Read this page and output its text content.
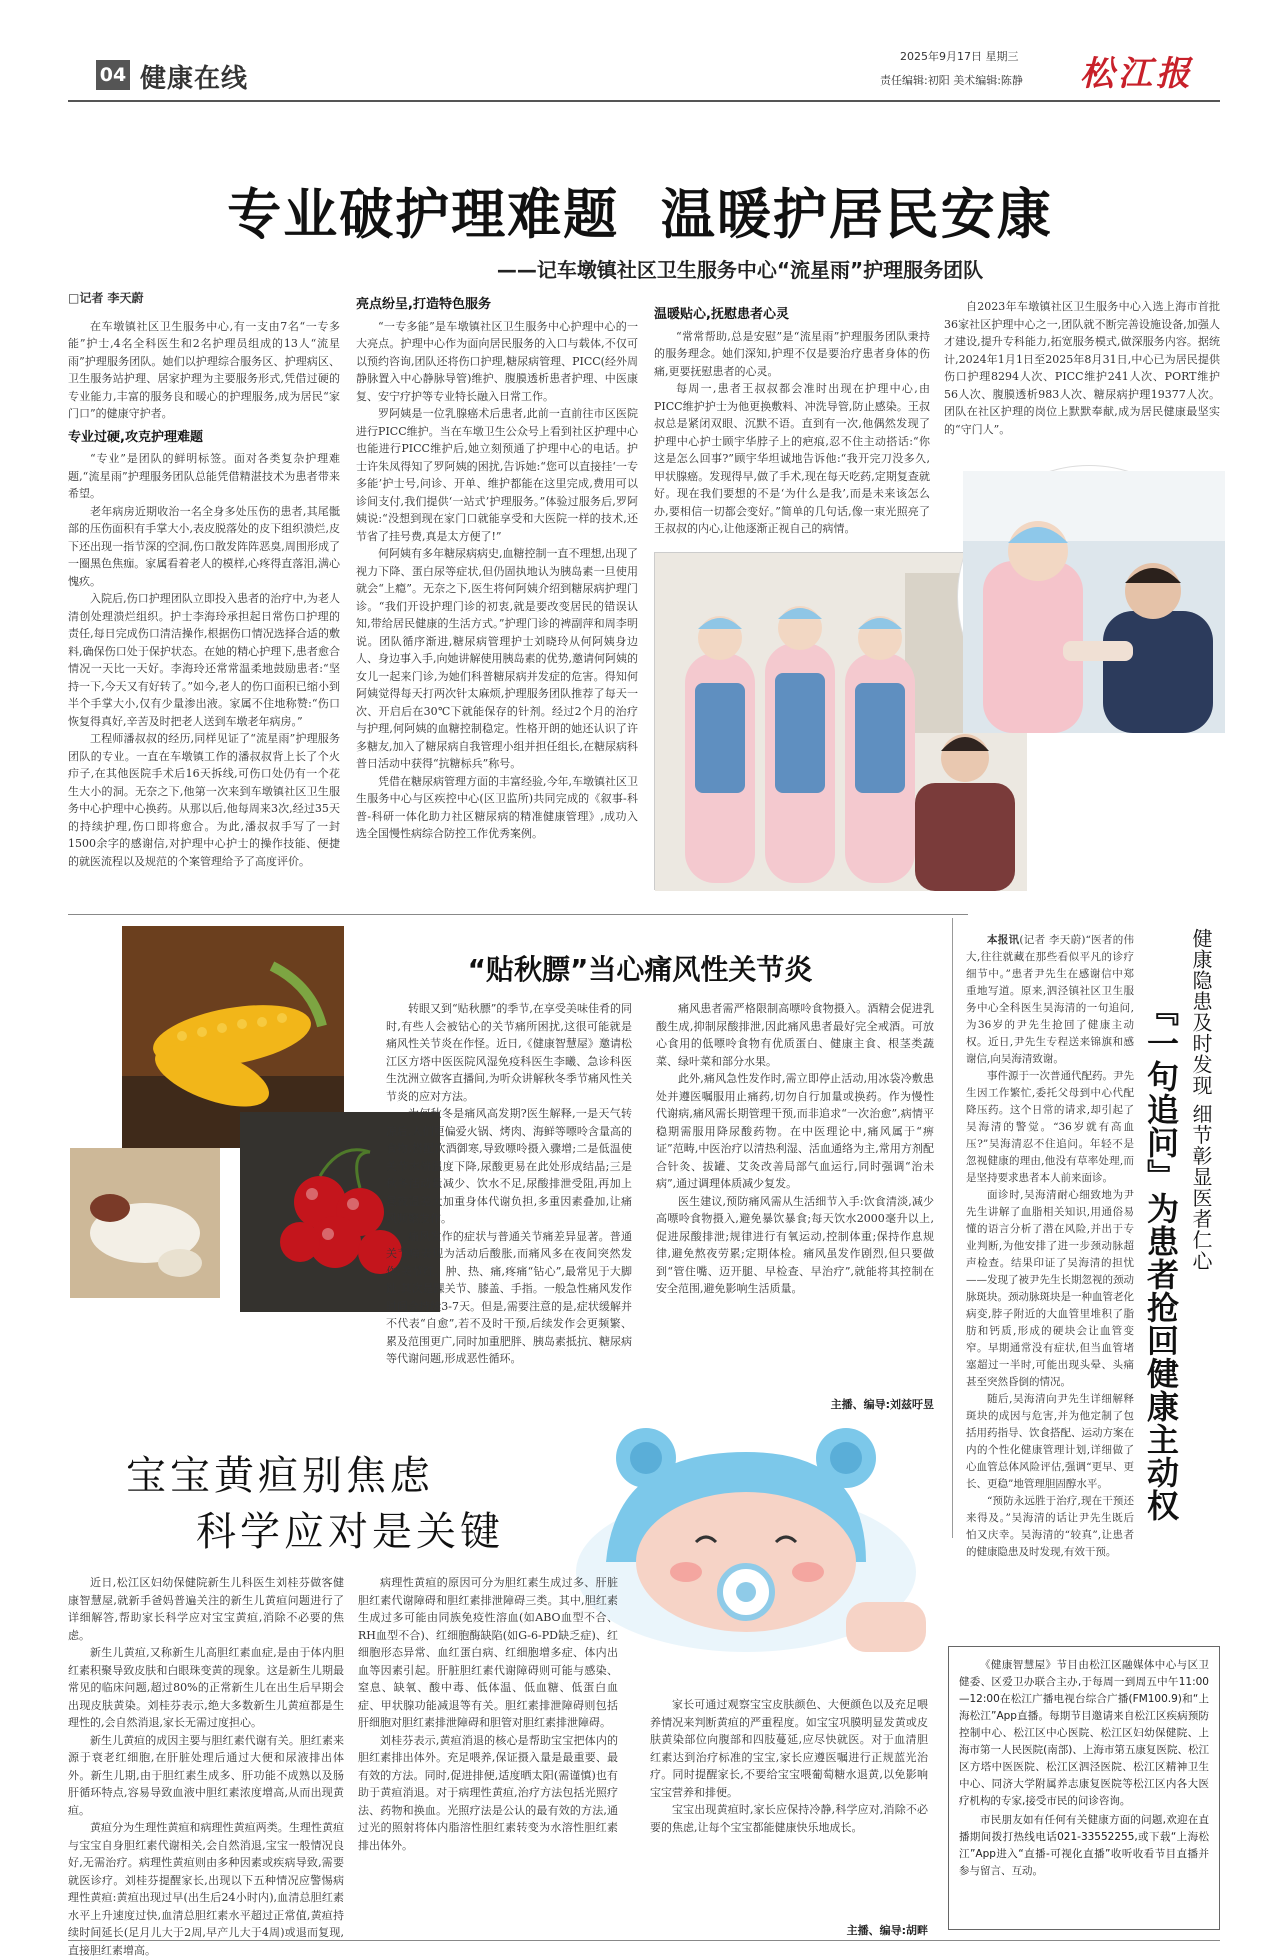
04 健康在线
2025年9月17日 星期三
责任编辑:初阳 美术编辑:陈静 松江报
专业破护理难题  温暖护居民安康
——记车墩镇社区卫生服务中心“流星雨”护理服务团队
□记者 李天蔚

在车墩镇社区卫生服务中心,有一支由7名“一专多能”护士,4名全科医生和2名护理员组成的13人“流星雨”护理服务团队。她们以护理综合服务区、护理病区、卫生服务站护理、居家护理为主要服务形式,凭借过硬的专业能力,丰富的服务良和暖心的护理服务,成为居民“家门口”的健康守护者。

专业过硬,攻克护理难题

“专业”是团队的鲜明标签。面对各类复杂护理难题,“流星雨”护理服务团队总能凭借精湛技术为患者带来希望。

老年病房近期收治一名全身多处压伤的患者,其尾骶部的压伤面积有手掌大小,表皮脱落处的皮下组织溃烂,皮下还出现一指节深的空洞,伤口散发阵阵恶臭,周围形成了一圈黑色焦痂。家属看着老人的模样,心疼得直落泪,满心愧疚。

入院后,伤口护理团队立即投入患者的治疗中,为老人清创处理溃烂组织。护士李海玲承担起日常伤口护理的责任,每日完成伤口清洁操作,根据伤口情况选择合适的敷料,确保伤口处于保护状态。在她的精心护理下,患者愈合情况一天比一天好。李海玲还常常温柔地鼓励患者:“坚持一下,今天又有好转了。”如今,老人的伤口面积已缩小到半个手掌大小,仅有少量渗出液。家属不住地称赞:“伤口恢复得真好,辛苦及时把老人送到车墩老年病房。”

工程师潘叔叔的经历,同样见证了“流星雨”护理服务团队的专业。一直在车墩镇工作的潘叔叔背上长了个火疖子,在其他医院手术后16天拆线,可伤口处仍有一个花生大小的洞。无奈之下,他第一次来到车墩镇社区卫生服务中心护理中心换药。从那以后,他每周来3次,经过35天的持续护理,伤口即将愈合。为此,潘叔叔手写了一封1500余字的感谢信,对护理中心护士的操作技能、便捷的就医流程以及规范的个案管理给予了高度评价。

亮点纷呈,打造特色服务

“一专多能”是车墩镇社区卫生服务中心护理中心的一大亮点。护理中心作为面向居民服务的入口与载体,不仅可以预约咨询,团队还将伤口护理,糖尿病管理、PICC(经外周静脉置入中心静脉导管)维护、腹膜透析患者护理、中医康复、安宁疗护等专业特长融入日常工作。

罗阿姨是一位乳腺癌术后患者,此前一直前往市区医院进行PICC维护。当在车墩卫生公众号上看到社区护理中心也能进行PICC维护后,她立刻预通了护理中心的电话。护士许朱凤得知了罗阿姨的困扰,告诉她:“您可以直接挂‘一专多能’护士号,问诊、开单、维护都能在这里完成,费用可以诊间支付,我们提供‘一站式’护理服务。”体验过服务后,罗阿姨说:“没想到现在家门口就能享受和大医院一样的技术,还节省了挂号费,真是太方便了!”

何阿姨有多年糖尿病病史,血糖控制一直不理想,出现了视力下降、蛋白尿等症状,但仍固执地认为胰岛素一旦使用就会“上瘾”。无奈之下,医生将何阿姨介绍到糖尿病护理门诊。“我们开设护理门诊的初衷,就是要改变居民的错误认知,带给居民健康的生活方式。”护理门诊的裨副萍和周李明说。团队循序渐进,糖尿病管理护士刘晓玲从何阿姨身边人、身边事入手,向她讲解使用胰岛素的优势,邀请何阿姨的女儿一起来门诊,为她们科普糖尿病并发症的危害。得知何阿姨觉得每天打两次针太麻烦,护理服务团队推荐了每天一次、开启后在30℃下就能保存的针剂。经过2个月的治疗与护理,何阿姨的血糖控制稳定。性格开朗的她还认识了许多糖友,加入了糖尿病自我管理小组并担任组长,在糖尿病科普日活动中获得“抗糖标兵”称号。

凭借在糖尿病管理方面的丰富经验,今年,车墩镇社区卫生服务中心与区疾控中心(区卫监所)共同完成的《叙事-科普-科研一体化助力社区糖尿病的精准健康管理》,成功入选全国慢性病综合防控工作优秀案例。

温暖贴心,抚慰患者心灵

“常常帮助,总是安慰”是“流星雨”护理服务团队秉持的服务理念。她们深知,护理不仅是要治疗患者身体的伤痛,更要抚慰患者的心灵。

每周一,患者王叔叔都会准时出现在护理中心,由PICC维护护士为他更换敷料、冲洗导管,防止感染。王叔叔总是紧闭双眼、沉默不语。直到有一次,他偶然发现了护理中心护士顾宇华脖子上的疤痕,忍不住主动搭话:“你这是怎么回事?”顾宇华坦诚地告诉他:“我开完刀没多久,甲状腺癌。发现得早,做了手术,现在每天吃药,定期复查就好。现在我们要想的不是‘为什么是我’,而是未来该怎么办,要相信一切都会变好。”简单的几句话,像一束光照亮了王叔叔的内心,让他逐渐正视自己的病情。

自2023年车墩镇社区卫生服务中心入选上海市首批36家社区护理中心之一,团队就不断完善设施设备,加强人才建设,提升专科能力,拓宽服务模式,做深服务内容。据统计,2024年1月1日至2025年8月31日,中心已为居民提供伤口护理8294人次、PICC维护241人次、PORT维护56人次、腹膜透析983人次、糖尿病护理19377人次。团队在社区护理的岗位上默默奉献,成为居民健康最坚实的“守门人”。

“贴秋膘”当心痛风性关节炎

转眼又到“贴秋膘”的季节,在享受美味佳肴的同时,有些人会被钻心的关节痛所困扰,这很可能就是痛风性关节炎在作怪。近日,《健康智慧屋》邀请松江区方塔中医医院风湿免疫科医生李曦、急诊科医生沈洲立做客直播间,为听众讲解秋冬季节痛风性关节炎的应对方法。

为何秋冬是痛风高发期?医生解释,一是天气转凉后,人们更偏爱火锅、烤肉、海鲜等嘌呤含量高的食物,搭配饮酒御寒,导致嘌呤摄入骤增;二是低温使关节末端温度下降,尿酸更易在此处形成结晶;三是秋冬活动量减少、饮水不足,尿酸排泄受阻,再加上昼夜温差大加重身体代谢负担,多重因素叠加,让痛风频繁发作。

痛风发作的症状与普通关节痛差异显著。普通关节痛表现为活动后酸胀,而痛风多在夜间突然发作,关节红、肿、热、痛,疼痛“钻心”,最常见于大脚趾,其次是踝关节、膝盖、手指。一般急性痛风发作时间会持续3-7天。但是,需要注意的是,症状缓解并不代表“自愈”,若不及时干预,后续发作会更频繁、累及范围更广,同时加重肥胖、胰岛素抵抗、糖尿病等代谢问题,形成恶性循环。

痛风患者需严格限制高嘌呤食物摄入。酒精会促进乳酸生成,抑制尿酸排泄,因此痛风患者最好完全戒酒。可放心食用的低嘌呤食物有优质蛋白、健康主食、根茎类蔬菜、绿叶菜和部分水果。

此外,痛风急性发作时,需立即停止活动,用冰袋冷敷患处并遵医嘱服用止痛药,切勿自行加量或换药。作为慢性代谢病,痛风需长期管理干预,而非追求“一次治愈”,病情平稳期需服用降尿酸药物。在中医理论中,痛风属于“痹证”范畴,中医治疗以清热利湿、活血通络为主,常用方剂配合针灸、拔罐、艾灸改善局部气血运行,同时强调“治未病”,通过调理体质减少复发。

医生建议,预防痛风需从生活细节入手:饮食清淡,减少高嘌呤食物摄入,避免暴饮暴食;每天饮水2000毫升以上,促进尿酸排泄;规律进行有氧运动,控制体重;保持作息规律,避免熬夜劳累;定期体检。痛风虽发作剧烈,但只要做到“管住嘴、迈开腿、早检查、早治疗”,就能将其控制在安全范围,避免影响生活质量。

主播、编导:刘兹吁昱

本报讯(记者 李天蔚)“医者的伟大,往往就藏在那些看似平凡的诊疗细节中。”患者尹先生在感谢信中郑重地写道。原来,泗泾镇社区卫生服务中心全科医生吴海清的一句追问,为36岁的尹先生抢回了健康主动权。近日,尹先生专程送来锦旗和感谢信,向吴海清致谢。

事件源于一次普通代配药。尹先生因工作繁忙,委托父母到中心代配降压药。这个日常的请求,却引起了吴海清的警觉。“36岁就有高血压?”吴海清忍不住追问。年轻不是忽视健康的理由,他没有草率处理,而是坚持要求患者本人前来面诊。

面诊时,吴海清耐心细致地为尹先生讲解了血脂相关知识,用通俗易懂的语言分析了潜在风险,并出于专业判断,为他安排了进一步颈动脉超声检查。结果印证了吴海清的担忧——发现了被尹先生长期忽视的颈动脉斑块。颈动脉斑块是一种血管老化病变,脖子附近的大血管里堆积了脂肪和钙质,形成的硬块会让血管变窄。早期通常没有症状,但当血管堵塞超过一半时,可能出现头晕、头痛甚至突然昏倒的情况。

随后,吴海清向尹先生详细解释斑块的成因与危害,并为他定制了包括用药指导、饮食搭配、运动方案在内的个性化健康管理计划,详细做了心血管总体风险评估,强调“更早、更长、更稳”地管理胆固醇水平。

“预防永远胜于治疗,现在干预还来得及。”吴海清的话让尹先生既后怕又庆幸。吴海清的“较真”,让患者的健康隐患及时发现,有效干预。

健康隐患及时发现 细节彰显医者仁心
『一句追问』为患者抢回健康主动权
宝宝黄疸别焦虑
科学应对是关键

近日,松江区妇幼保健院新生儿科医生刘桂芬做客健康智慧屋,就新手爸妈普遍关注的新生儿黄疸问题进行了详细解答,帮助家长科学应对宝宝黄疸,消除不必要的焦虑。

新生儿黄疸,又称新生儿高胆红素血症,是由于体内胆红素积聚导致皮肤和白眼珠变黄的现象。这是新生儿期最常见的临床问题,超过80%的正常新生儿在出生后早期会出现皮肤黄染。刘桂芬表示,绝大多数新生儿黄疸都是生理性的,会自然消退,家长无需过度担心。

新生儿黄疸的成因主要与胆红素代谢有关。胆红素来源于衰老红细胞,在肝脏处理后通过大便和尿液排出体外。新生儿期,由于胆红素生成多、肝功能不成熟以及肠肝循环特点,容易导致血液中胆红素浓度增高,从而出现黄疸。

黄疸分为生理性黄疸和病理性黄疸两类。生理性黄疸与宝宝自身胆红素代谢相关,会自然消退,宝宝一般情况良好,无需治疗。病理性黄疸则由多种因素或疾病导致,需要就医诊疗。刘桂芬提醒家长,出现以下五种情况应警惕病理性黄疸:黄疸出现过早(出生后24小时内),血清总胆红素水平上升速度过快,血清总胆红素水平超过正常值,黄疸持续时间延长(足月儿大于2周,早产儿大于4周)或退而复现,直接胆红素增高。

病理性黄疸的原因可分为胆红素生成过多、肝脏胆红素代谢障碍和胆红素排泄障碍三类。其中,胆红素生成过多可能由同族免疫性溶血(如ABO血型不合、RH血型不合)、红细胞酶缺陷(如G-6-PD缺乏症)、红细胞形态异常、血红蛋白病、红细胞增多症、体内出血等因素引起。肝脏胆红素代谢障碍则可能与感染、窒息、缺氧、酸中毒、低体温、低血糖、低蛋白血症、甲状腺功能减退等有关。胆红素排泄障碍则包括肝细胞对胆红素排泄障碍和胆管对胆红素排泄障碍。

刘桂芬表示,黄疸消退的核心是帮助宝宝把体内的胆红素排出体外。充足喂养,保证摄入量是最重要、最有效的方法。同时,促进排便,适度晒太阳(需谨慎)也有助于黄疸消退。对于病理性黄疸,治疗方法包括光照疗法、药物和换血。光照疗法是公认的最有效的方法,通过光的照射将体内脂溶性胆红素转变为水溶性胆红素排出体外。

家长可通过观察宝宝皮肤颜色、大便颜色以及充足喂养情况来判断黄疸的严重程度。如宝宝巩膜明显发黄或皮肤黄染部位向腹部和四肢蔓延,应尽快就医。对于血清胆红素达到治疗标准的宝宝,家长应遵医嘱进行正规蓝光治疗。同时提醒家长,不要给宝宝喂葡萄糖水退黄,以免影响宝宝营养和排便。

宝宝出现黄疸时,家长应保持冷静,科学应对,消除不必要的焦虑,让每个宝宝都能健康快乐地成长。

主播、编导:胡畔

《健康智慧屋》节目由松江区融媒体中心与区卫健委、区爱卫办联合主办,于每周一到周五中午11:00—12:00在松江广播电视台综合广播(FM100.9)和“上海松江”App直播。每期节目邀请来自松江区疾病预防控制中心、松江区中心医院、松江区妇幼保健院、上海市第一人民医院(南部)、上海市第五康复医院、松江区方塔中医医院、松江区泗泾医院、松江区精神卫生中心、同济大学附属养志康复医院等松江区内各大医疗机构的专家,接受市民的问诊咨询。

市民朋友如有任何有关健康方面的问题,欢迎在直播期间拨打热线电话021-33552255,或下载“上海松江”App进入“直播-可视化直播”收听收看节目直播并参与留言、互动。
